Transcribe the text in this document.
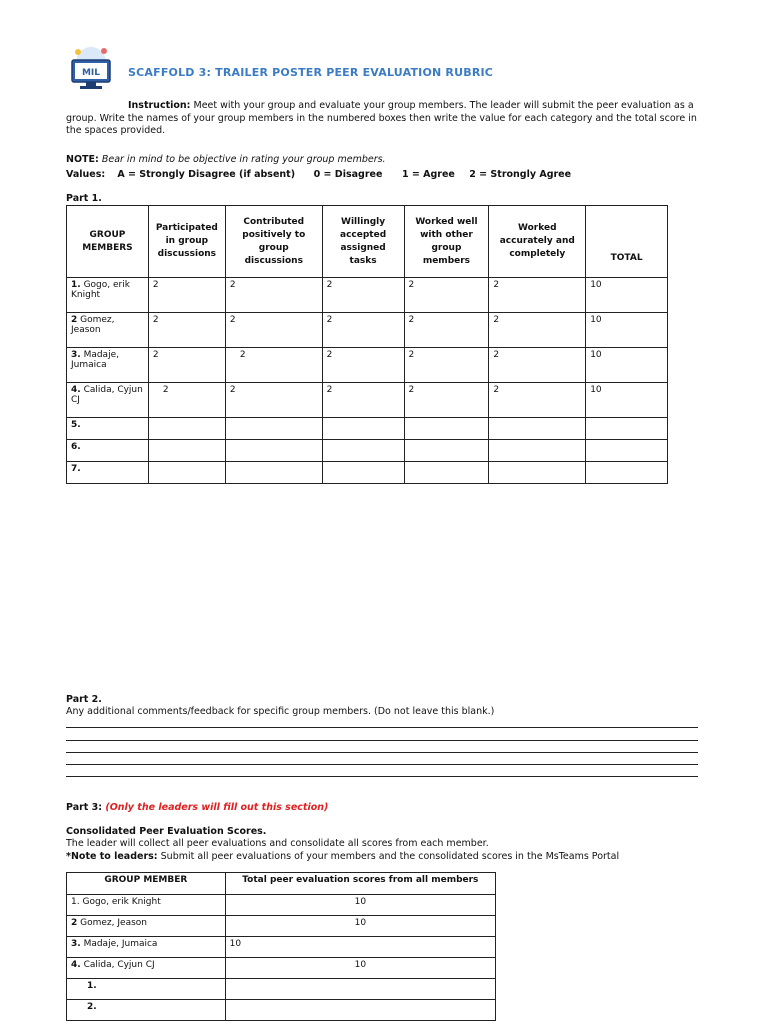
MIL	SCAFFOLD 3: TRAILER POSTER PEER EVALUATION RUBRIC
Instruction: Meet with your group and evaluate your group members. The leader will submit the peer evaluation as a group. Write the names of your group members in the numbered boxes then write the value for each category and the total score in the spaces provided.
NOTE: Bear in mind to be objective in rating your group members.
Values: A = Strongly Disagree (if absent) 0 = Disagree 1 = Agree 2 = Strongly Agree
Part 1.
GROUP MEMBERS	Participated in group discussions	Contributed positively to group discussions	Willingly accepted assigned tasks	Worked well with other group members	Worked accurately and completely	TOTAL
1. Gogo, erik Knight	2	2	2	2	2	10
2 Gomez, Jeason	2	2	2	2	2	10
3. Madaje, Jumaica	2	2	2	2	2	10
4. Calida, Cyjun CJ	2	2	2	2	2	10
5.						
6.						
7.						
Part 2.
Any additional comments/feedback for specific group members. (Do not leave this blank.)
Part 3: (Only the leaders will fill out this section)
Consolidated Peer Evaluation Scores.
The leader will collect all peer evaluations and consolidate all scores from each member.
*Note to leaders: Submit all peer evaluations of your members and the consolidated scores in the MsTeams Portal
GROUP MEMBER	Total peer evaluation scores from all members
1. Gogo, erik Knight	10
2 Gomez, Jeason	10
3. Madaje, Jumaica	10
4. Calida, Cyjun CJ	10
1.	
2.	
